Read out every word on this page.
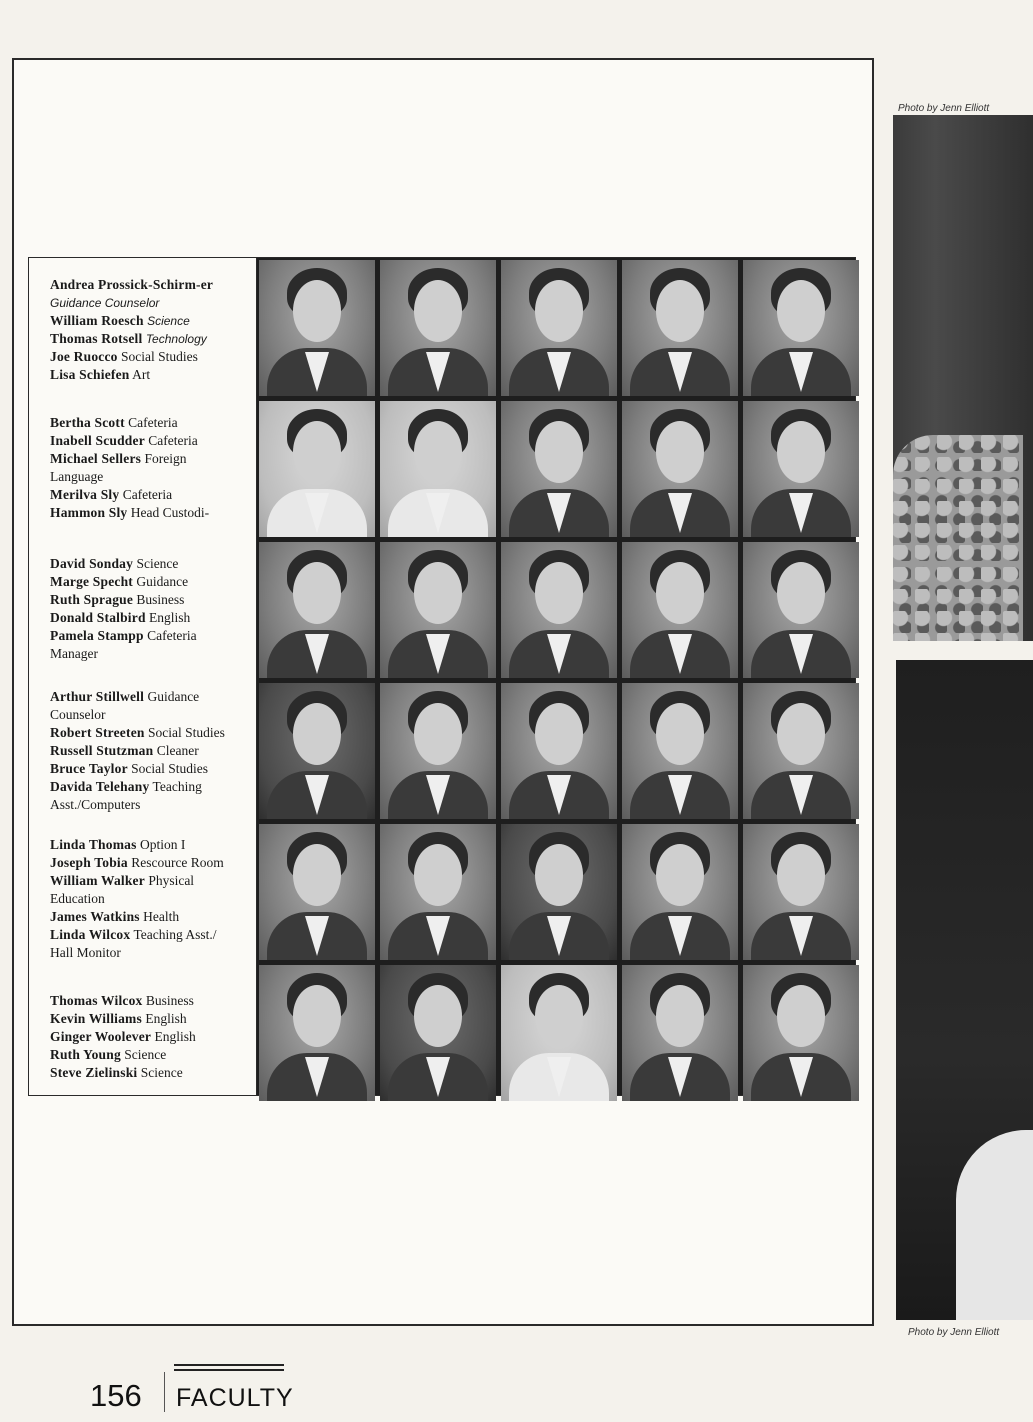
Andrea Prossick-Schirm-er Guidance Counselor

William Roesch Science

Thomas Rotsell Technology

Joe Ruocco Social Studies

Lisa Schiefen Art

Bertha Scott Cafeteria

Inabell Scudder Cafeteria

Michael Sellers Foreign Language

Merilva Sly Cafeteria

Hammon Sly Head Custodi-

David Sonday Science

Marge Specht Guidance

Ruth Sprague Business

Donald Stalbird English

Pamela Stampp Cafeteria Manager

Arthur Stillwell Guidance Counselor

Robert Streeten Social Studies

Russell Stutzman Cleaner

Bruce Taylor Social Studies

Davida Telehany Teaching Asst./Computers

Linda Thomas Option I

Joseph Tobia Rescource Room

William Walker Physical Education

James Watkins Health

Linda Wilcox Teaching Asst./ Hall Monitor

Thomas Wilcox Business

Kevin Williams English

Ginger Woolever English

Ruth Young Science

Steve Zielinski Science

Photo by Jenn Elliott
Photo by Jenn Elliott
156 FACULTY
